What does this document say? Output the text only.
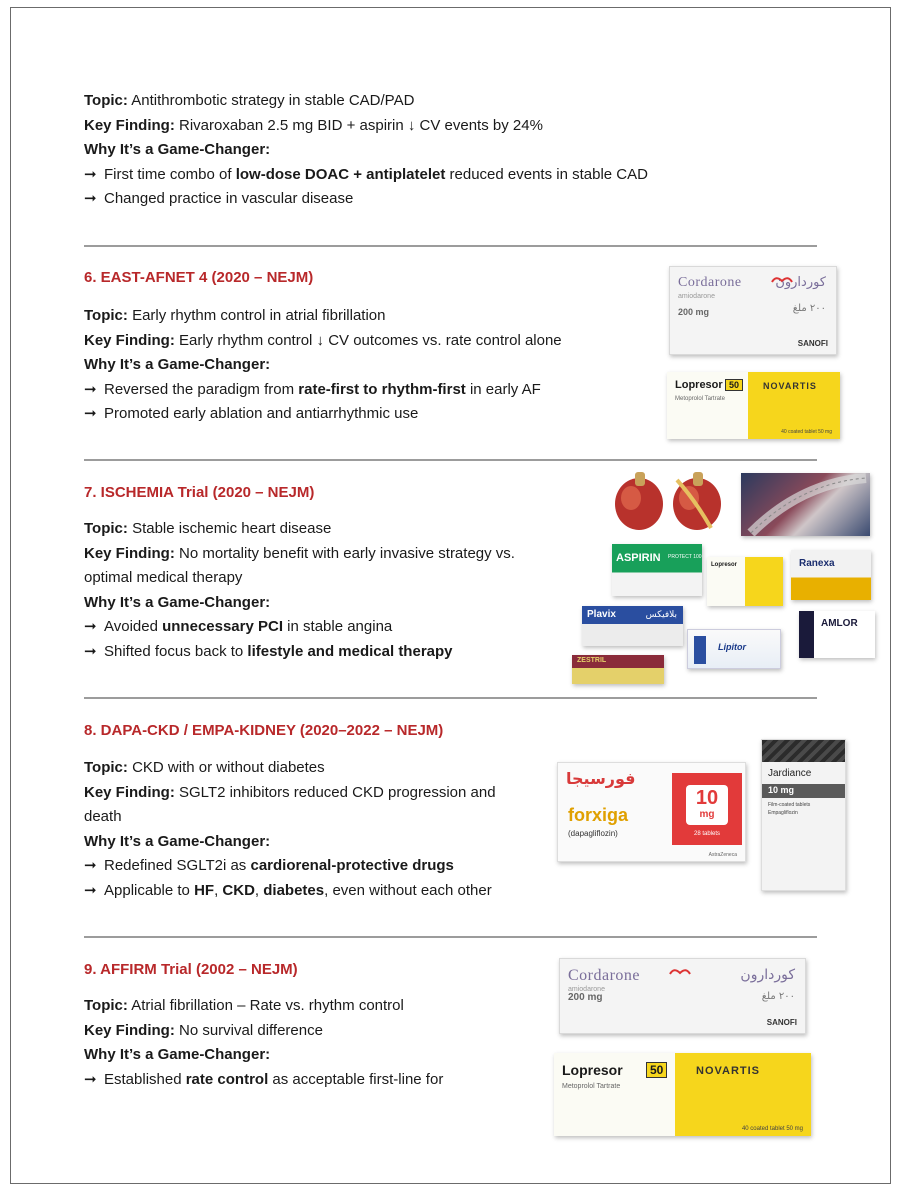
Topic: Antithrombotic strategy in stable CAD/PAD
Key Finding: Rivaroxaban 2.5 mg BID + aspirin ↓ CV events by 24%
Why It’s a Game-Changer:
➞ First time combo of low-dose DOAC + antiplatelet reduced events in stable CAD
➞ Changed practice in vascular disease
6. EAST-AFNET 4 (2020 – NEJM)
Topic: Early rhythm control in atrial fibrillation
Key Finding: Early rhythm control ↓ CV outcomes vs. rate control alone
Why It’s a Game-Changer:
➞ Reversed the paradigm from rate-first to rhythm-first in early AF
➞ Promoted early ablation and antiarrhythmic use
Cordarone	كوردارون
amiodarone
200 mg	٢٠٠ ملغ
SANOFI
Lopresor 50	NOVARTIS
Metoprolol Tartrate
40 coated tablet 50 mg
7. ISCHEMIA Trial (2020 – NEJM)
Topic: Stable ischemic heart disease
Key Finding: No mortality benefit with early invasive strategy vs.
optimal medical therapy
Why It’s a Game-Changer:
➞ Avoided unnecessary PCI in stable angina
➞ Shifted focus back to lifestyle and medical therapy
ASPIRIN PROTECT 100
Lopresor	Ranexa
Plavix	بلافيكس
Lipitor
AMLOR
ZESTRIL
8. DAPA-CKD / EMPA-KIDNEY (2020–2022 – NEJM)
Topic: CKD with or without diabetes
Key Finding: SGLT2 inhibitors reduced CKD progression and
death
Why It’s a Game-Changer:
➞ Redefined SGLT2i as cardiorenal-protective drugs
➞ Applicable to HF, CKD, diabetes, even without each other
فورسيجا
forxiga
(dapagliflozin)
10
mg
28 tablets
AstraZeneca
Jardiance
10 mg
Film-coated tablets
Empagliflozin
9. AFFIRM Trial (2002 – NEJM)
Topic: Atrial fibrillation – Rate vs. rhythm control
Key Finding: No survival difference
Why It’s a Game-Changer:
➞ Established rate control as acceptable first-line for
Cordarone	كوردارون
amiodarone
200 mg	٢٠٠ ملغ
SANOFI
Lopresor	50	NOVARTIS
Metoprolol Tartrate
40 coated tablet 50 mg
